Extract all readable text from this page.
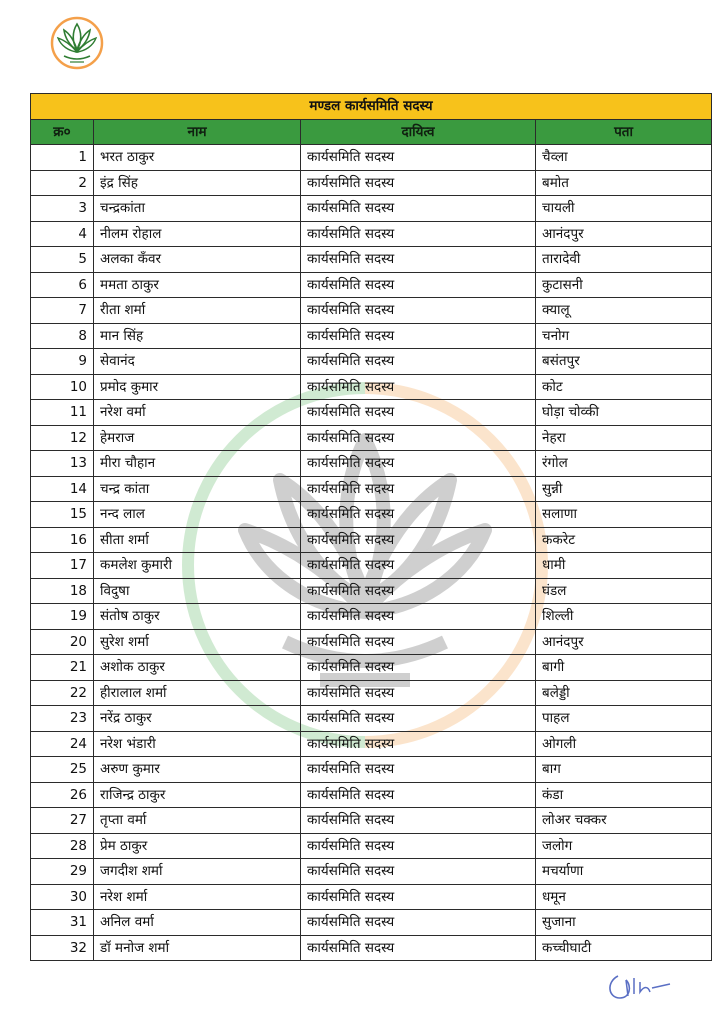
मण्डल कार्यसमिति सदस्य			
क्र०	नाम	दायित्व	पता
1	भरत ठाकुर	कार्यसमिति सदस्य	चैव्ला
2	इंद्र सिंह	कार्यसमिति सदस्य	बमोत
3	चन्द्रकांता	कार्यसमिति सदस्य	चायली
4	नीलम रोहाल	कार्यसमिति सदस्य	आनंदपुर
5	अलका कँवर	कार्यसमिति सदस्य	तारादेवी
6	ममता ठाकुर	कार्यसमिति सदस्य	कुटासनी
7	रीता शर्मा	कार्यसमिति सदस्य	क्यालू
8	मान सिंह	कार्यसमिति सदस्य	चनोग
9	सेवानंद	कार्यसमिति सदस्य	बसंतपुर
10	प्रमोद कुमार	कार्यसमिति सदस्य	कोट
11	नरेश वर्मा	कार्यसमिति सदस्य	घोड़ा चोव्की
12	हेमराज	कार्यसमिति सदस्य	नेहरा
13	मीरा चौहान	कार्यसमिति सदस्य	रंगोल
14	चन्द्र कांता	कार्यसमिति सदस्य	सुन्नी
15	नन्द लाल	कार्यसमिति सदस्य	सलाणा
16	सीता शर्मा	कार्यसमिति सदस्य	ककरेट
17	कमलेश कुमारी	कार्यसमिति सदस्य	धामी
18	विदुषा	कार्यसमिति सदस्य	घंडल
19	संतोष ठाकुर	कार्यसमिति सदस्य	शिल्ली
20	सुरेश शर्मा	कार्यसमिति सदस्य	आनंदपुर
21	अशोक ठाकुर	कार्यसमिति सदस्य	बागी
22	हीरालाल शर्मा	कार्यसमिति सदस्य	बलेड्डी
23	नरेंद्र ठाकुर	कार्यसमिति सदस्य	पाहल
24	नरेश भंडारी	कार्यसमिति सदस्य	ओगली
25	अरुण कुमार	कार्यसमिति सदस्य	बाग
26	राजिन्द्र ठाकुर	कार्यसमिति सदस्य	कंडा
27	तृप्ता वर्मा	कार्यसमिति सदस्य	लोअर चक्कर
28	प्रेम ठाकुर	कार्यसमिति सदस्य	जलोग
29	जगदीश शर्मा	कार्यसमिति सदस्य	मचर्याणा
30	नरेश शर्मा	कार्यसमिति सदस्य	धमून
31	अनिल वर्मा	कार्यसमिति सदस्य	सुजाना
32	डॉ मनोज शर्मा	कार्यसमिति सदस्य	कच्चीघाटी
